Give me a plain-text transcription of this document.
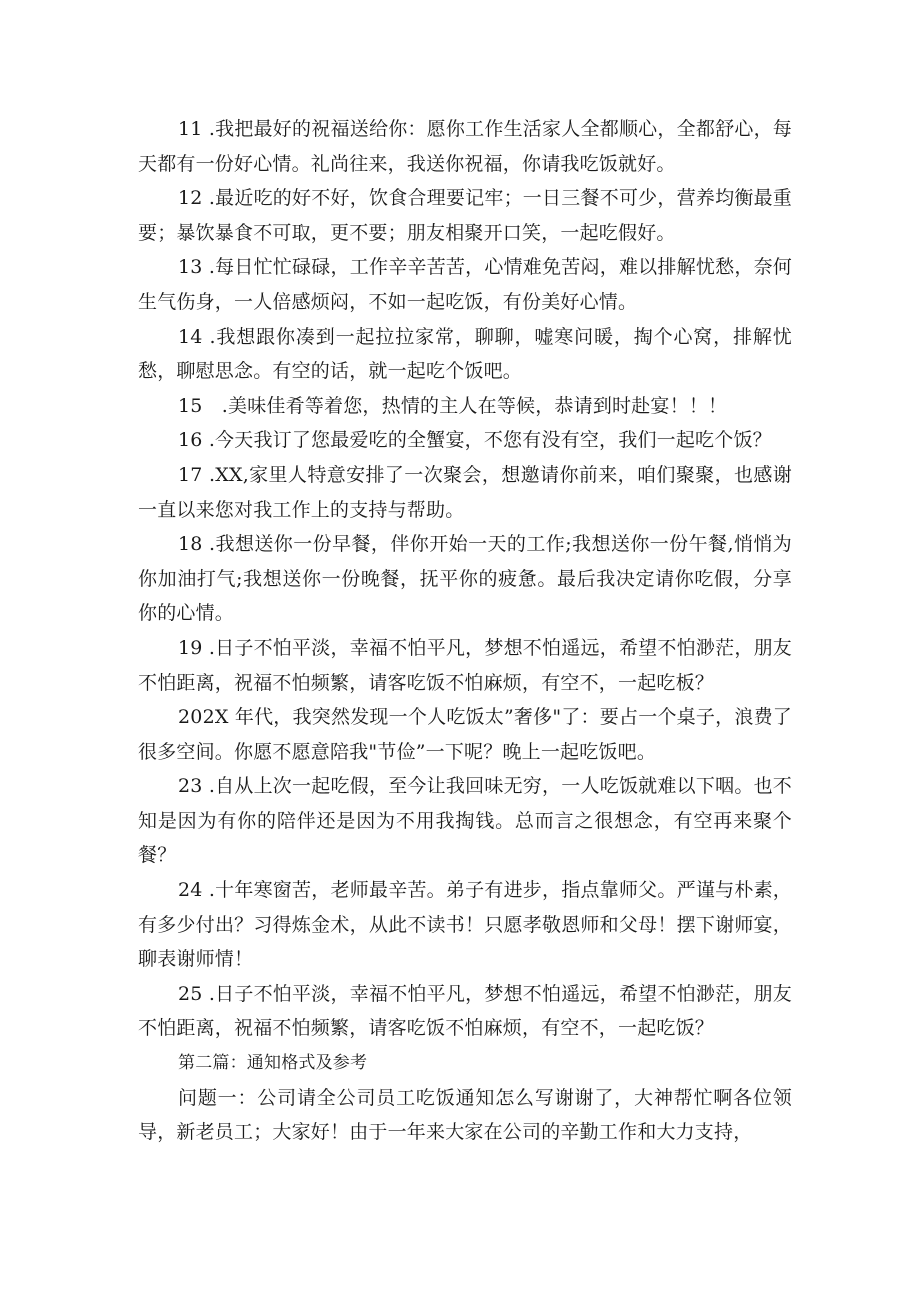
11 .我把最好的祝福送给你：愿你工作生活家人全都顺心，全都舒心，每天都有一份好心情。礼尚往来，我送你祝福，你请我吃饭就好。

12 .最近吃的好不好，饮食合理要记牢；一日三餐不可少，营养均衡最重要；暴饮暴食不可取，更不要；朋友相聚开口笑，一起吃假好。

13 .每日忙忙碌碌，工作辛辛苦苦，心情难免苦闷，难以排解忧愁，奈何生气伤身，一人倍感烦闷，不如一起吃饭，有份美好心情。

14 .我想跟你凑到一起拉拉家常，聊聊，嘘寒问暖，掏个心窝，排解忧愁，聊慰思念。有空的话，就一起吃个饭吧。

15　.美味佳肴等着您，热情的主人在等候，恭请到时赴宴！！！

16 .今天我订了您最爱吃的全蟹宴，不您有没有空，我们一起吃个饭？

17 .XX,家里人特意安排了一次聚会，想邀请你前来，咱们聚聚，也感谢一直以来您对我工作上的支持与帮助。

18 .我想送你一份早餐，伴你开始一天的工作;我想送你一份午餐,悄悄为你加油打气;我想送你一份晚餐，抚平你的疲惫。最后我决定请你吃假，分享你的心情。

19 .日子不怕平淡，幸福不怕平凡，梦想不怕遥远，希望不怕渺茫，朋友不怕距离，祝福不怕频繁，请客吃饭不怕麻烦，有空不，一起吃板？

202X 年代，我突然发现一个人吃饭太”奢侈"了：要占一个桌子，浪费了很多空间。你愿不愿意陪我"节俭”一下呢？晚上一起吃饭吧。

23 .自从上次一起吃假，至今让我回味无穷，一人吃饭就难以下咽。也不知是因为有你的陪伴还是因为不用我掏钱。总而言之很想念，有空再来聚个餐？

24 .十年寒窗苦，老师最辛苦。弟子有进步，指点靠师父。严谨与朴素，有多少付出？习得炼金术，从此不读书！只愿孝敬恩师和父母！摆下谢师宴，聊表谢师情！

25 .日子不怕平淡，幸福不怕平凡，梦想不怕遥远，希望不怕渺茫，朋友不怕距离，祝福不怕频繁，请客吃饭不怕麻烦，有空不，一起吃饭？

第二篇：通知格式及参考

问题一：公司请全公司员工吃饭通知怎么写谢谢了，大神帮忙啊各位领导，新老员工；大家好！由于一年来大家在公司的辛勤工作和大力支持，
